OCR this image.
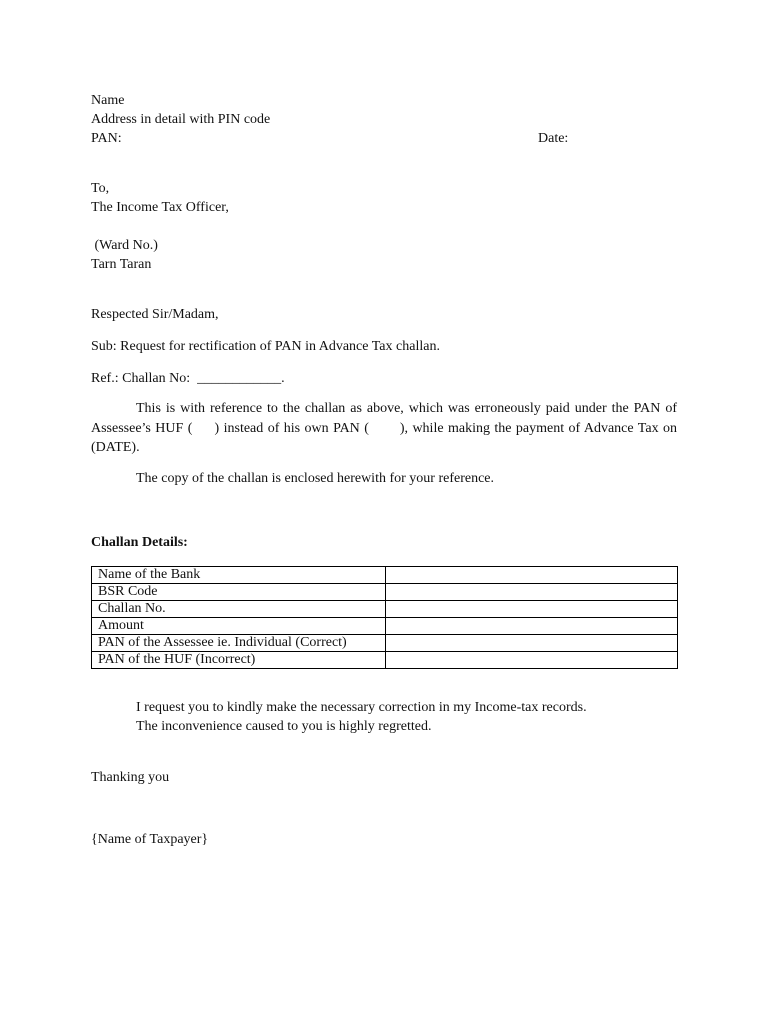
Name
Address in detail with PIN code
PAN:	Date:
To,
The Income Tax Officer,
(Ward No.)
Tarn Taran
Respected Sir/Madam,
Sub: Request for rectification of PAN in Advance Tax challan.
Ref.: Challan No:  ____________.
This is with reference to the challan as above, which was erroneously paid under the PAN of Assessee’s HUF (     ) instead of his own PAN (       ), while making the payment of Advance Tax on (DATE).
The copy of the challan is enclosed herewith for your reference.
Challan Details:
Name of the Bank	
BSR Code	
Challan No.	
Amount	
PAN of the Assessee ie. Individual (Correct)	
PAN of the HUF (Incorrect)	
I request you to kindly make the necessary correction in my Income-tax records.
The inconvenience caused to you is highly regretted.
Thanking you
{Name of Taxpayer}
